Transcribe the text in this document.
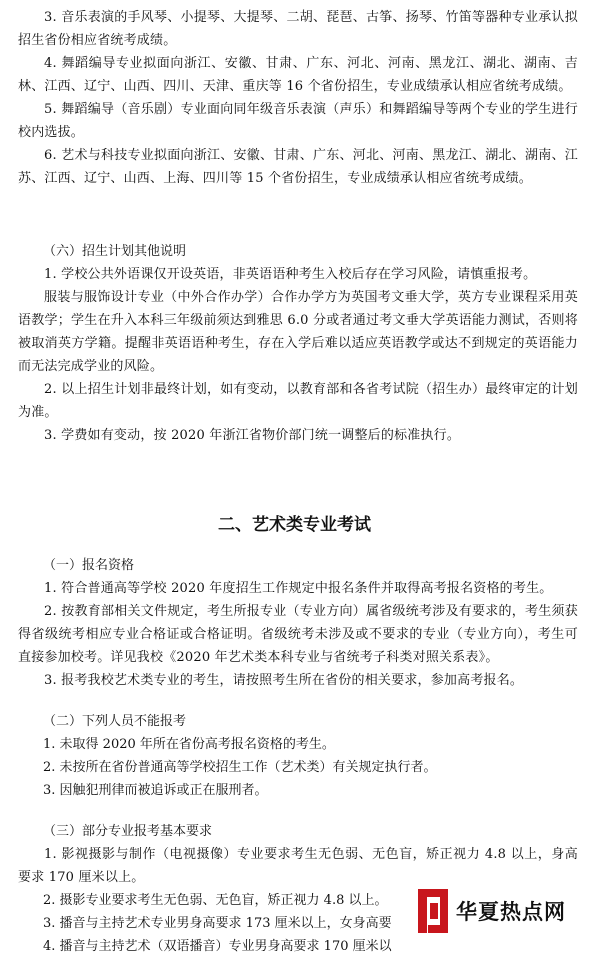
3. 音乐表演的手风琴、小提琴、大提琴、二胡、琵琶、古筝、扬琴、竹笛等器种专业承认拟招生省份相应省统考成绩。

4. 舞蹈编导专业拟面向浙江、安徽、甘肃、广东、河北、河南、黑龙江、湖北、湖南、吉林、江西、辽宁、山西、四川、天津、重庆等 16 个省份招生，专业成绩承认相应省统考成绩。

5. 舞蹈编导（音乐剧）专业面向同年级音乐表演（声乐）和舞蹈编导等两个专业的学生进行校内选拔。

6. 艺术与科技专业拟面向浙江、安徽、甘肃、广东、河北、河南、黑龙江、湖北、湖南、江苏、江西、辽宁、山西、上海、四川等 15 个省份招生，专业成绩承认相应省统考成绩。

（六）招生计划其他说明

1. 学校公共外语课仅开设英语，非英语语种考生入校后存在学习风险，请慎重报考。

服装与服饰设计专业（中外合作办学）合作办学方为英国考文垂大学，英方专业课程采用英语教学；学生在升入本科三年级前须达到雅思 6.0 分或者通过考文垂大学英语能力测试，否则将被取消英方学籍。提醒非英语语种考生，存在入学后难以适应英语教学或达不到规定的英语能力而无法完成学业的风险。

2. 以上招生计划非最终计划，如有变动，以教育部和各省考试院（招生办）最终审定的计划为准。

3. 学费如有变动，按 2020 年浙江省物价部门统一调整后的标准执行。

二、艺术类专业考试

（一）报名资格

1. 符合普通高等学校 2020 年度招生工作规定中报名条件并取得高考报名资格的考生。

2. 按教育部相关文件规定，考生所报专业（专业方向）属省级统考涉及有要求的，考生须获得省级统考相应专业合格证或合格证明。省级统考未涉及或不要求的专业（专业方向），考生可直接参加校考。详见我校《2020 年艺术类本科专业与省统考子科类对照关系表》。

3. 报考我校艺术类专业的考生，请按照考生所在省份的相关要求，参加高考报名。

（二）下列人员不能报考

1. 未取得 2020 年所在省份高考报名资格的考生。

2. 未按所在省份普通高等学校招生工作（艺术类）有关规定执行者。

3. 因触犯刑律而被追诉或正在服刑者。

（三）部分专业报考基本要求

1. 影视摄影与制作（电视摄像）专业要求考生无色弱、无色盲，矫正视力 4.8 以上，身高要求 170 厘米以上。

2. 摄影专业要求考生无色弱、无色盲，矫正视力 4.8 以上。

3. 播音与主持艺术专业男身高要求 173 厘米以上，女身高要

4. 播音与主持艺术（双语播音）专业男身高要求 170 厘米以

华夏热点网
